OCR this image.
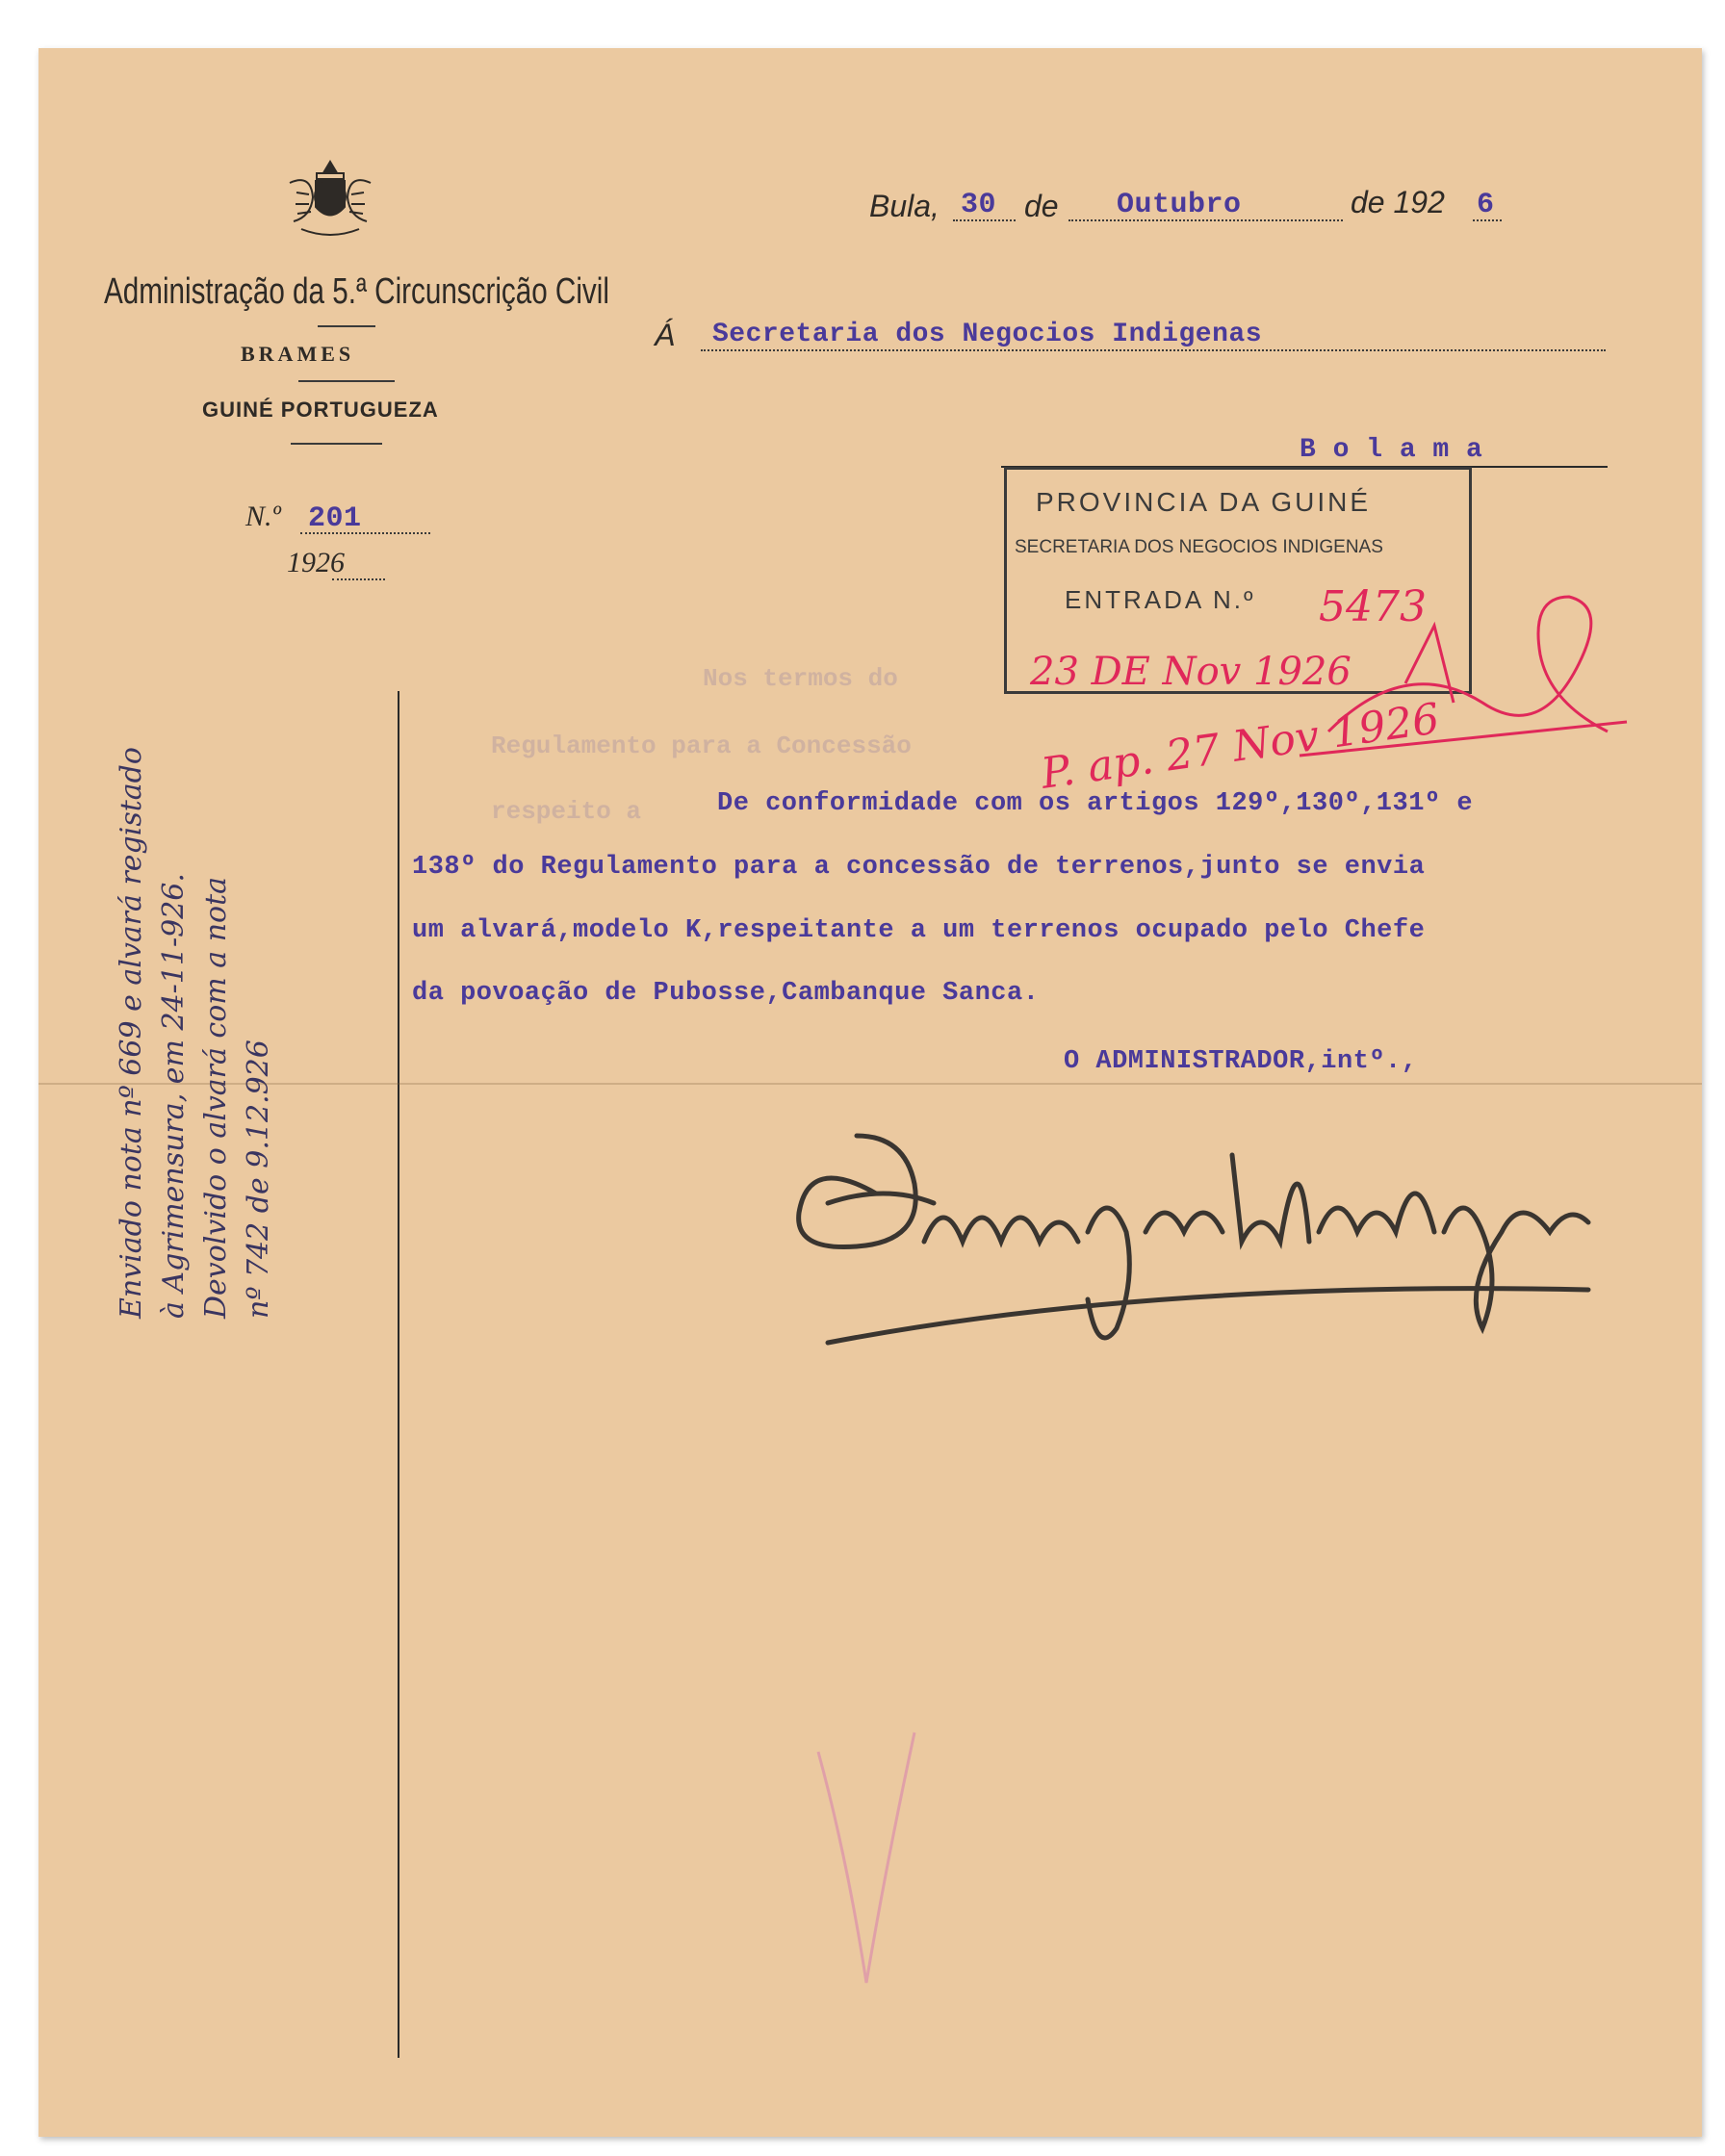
Administração da 5.ª Circunscrição Civil
BRAMES
GUINÉ PORTUGUEZA
N.º 201
1926
Bula, 30 de Outubro	de 192 6
Á Secretaria dos Negocios Indigenas
B o l a m a
Nos termos do
Regulamento para a Concessão
respeito a
PROVINCIA DA GUINÉ
SECRETARIA DOS NEGOCIOS INDIGENAS
ENTRADA N.º 5473
23 DE Nov 1926
P. ap. 27 Nov 1926
De conformidade com os artigos 129º,130º,131º e
138º do Regulamento para a concessão de terrenos,junto se envia
um alvará,modelo K,respeitante a um terrenos ocupado pelo Chefe
da povoação de Pubosse,Cambanque Sanca.
O ADMINISTRADOR,intº.,
Enviado nota nº 669 e alvará registado à Agrimensura, em 24-11-926. Devolvido o alvará com a nota nº 742 de 9.12.926
